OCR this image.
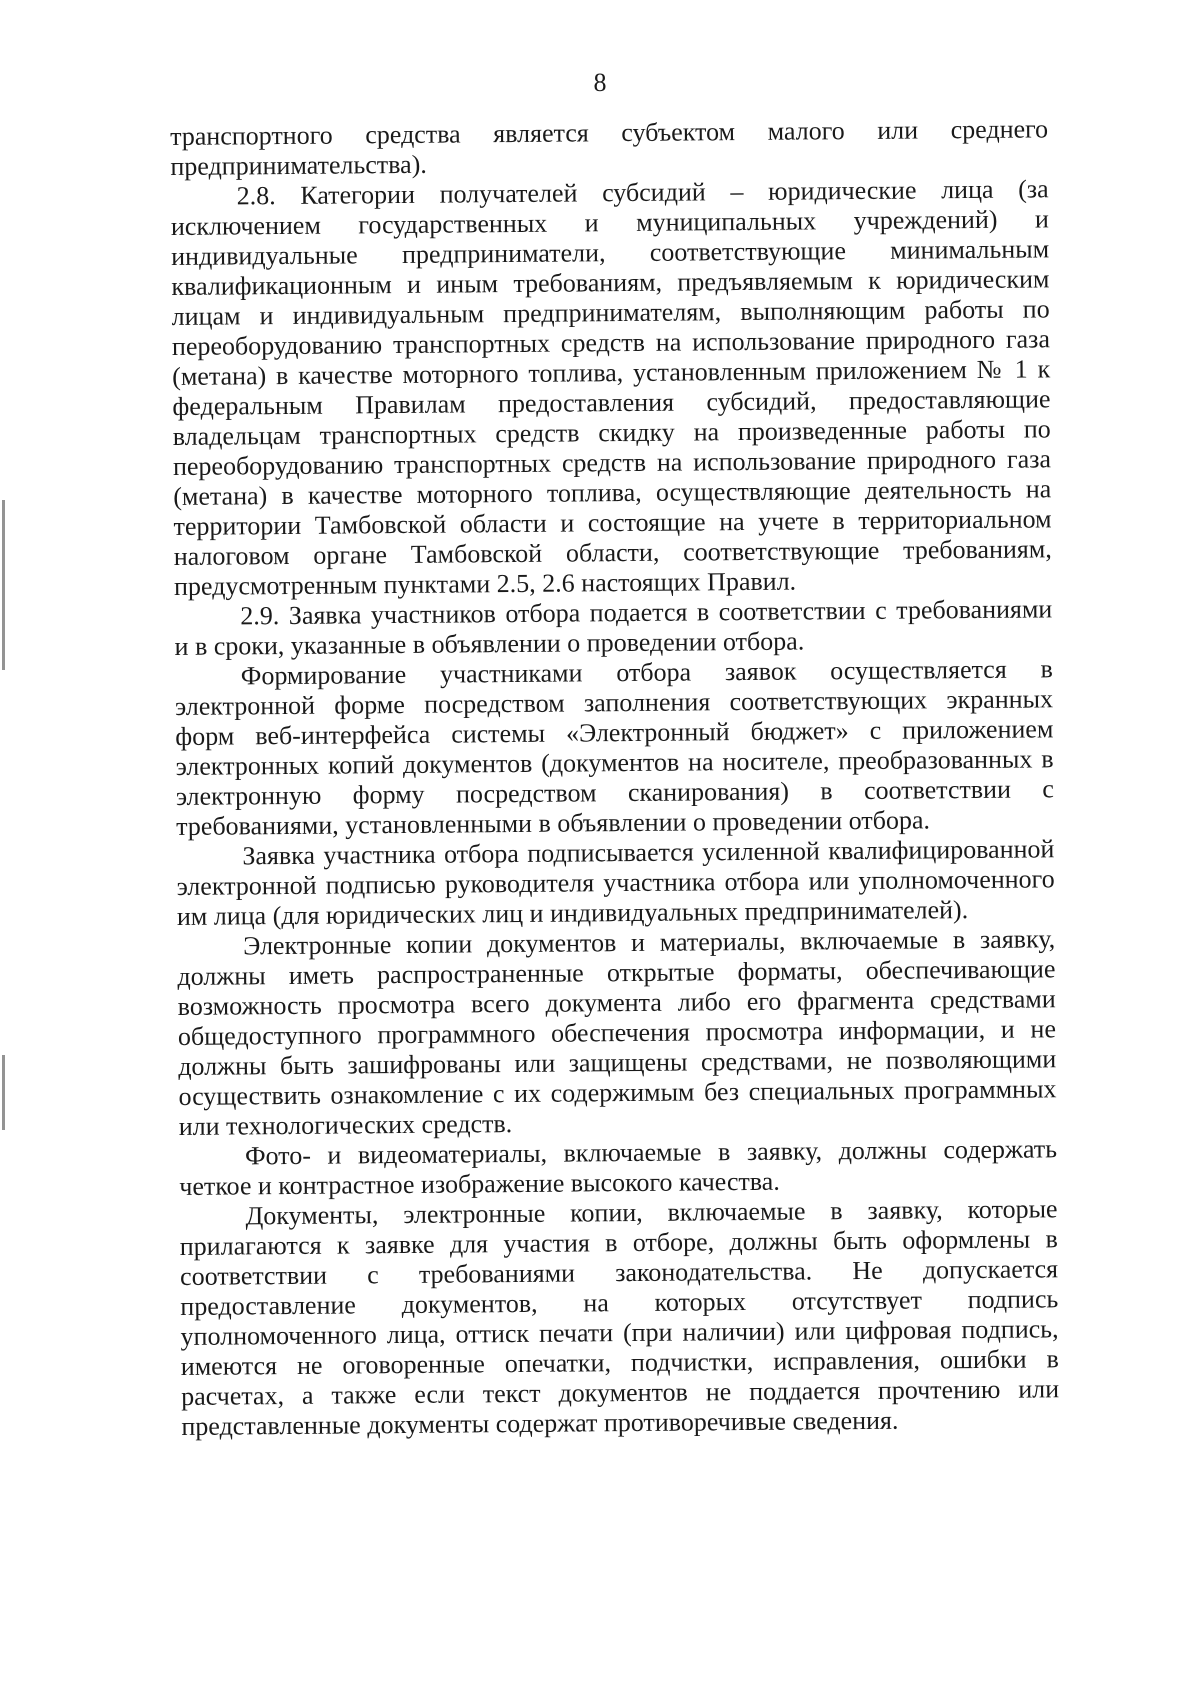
8
транспортного средства является субъектом малого или среднего
предпринимательства).
2.8. Категории получателей субсидий – юридические лица (за
исключением государственных и муниципальных учреждений) и
индивидуальные предприниматели, соответствующие минимальным
квалификационным и иным требованиям, предъявляемым к юридическим
лицам и индивидуальным предпринимателям, выполняющим работы по
переоборудованию транспортных средств на использование природного газа
(метана) в качестве моторного топлива, установленным приложением № 1 к
федеральным Правилам предоставления субсидий, предоставляющие
владельцам транспортных средств скидку на произведенные работы по
переоборудованию транспортных средств на использование природного газа
(метана) в качестве моторного топлива, осуществляющие деятельность на
территории Тамбовской области и состоящие на учете в территориальном
налоговом органе Тамбовской области, соответствующие требованиям,
предусмотренным пунктами 2.5, 2.6 настоящих Правил.
2.9. Заявка участников отбора подается в соответствии с требованиями
и в сроки, указанные в объявлении о проведении отбора.
Формирование участниками отбора заявок осуществляется в
электронной форме посредством заполнения соответствующих экранных
форм веб-интерфейса системы «Электронный бюджет» с приложением
электронных копий документов (документов на носителе, преобразованных в
электронную форму посредством сканирования) в соответствии с
требованиями, установленными в объявлении о проведении отбора.
Заявка участника отбора подписывается усиленной квалифицированной
электронной подписью руководителя участника отбора или уполномоченного
им лица (для юридических лиц и индивидуальных предпринимателей).
Электронные копии документов и материалы, включаемые в заявку,
должны иметь распространенные открытые форматы, обеспечивающие
возможность просмотра всего документа либо его фрагмента средствами
общедоступного программного обеспечения просмотра информации, и не
должны быть зашифрованы или защищены средствами, не позволяющими
осуществить ознакомление с их содержимым без специальных программных
или технологических средств.
Фото- и видеоматериалы, включаемые в заявку, должны содержать
четкое и контрастное изображение высокого качества.
Документы, электронные копии, включаемые в заявку, которые
прилагаются к заявке для участия в отборе, должны быть оформлены в
соответствии с требованиями законодательства. Не допускается
предоставление документов, на которых отсутствует подпись
уполномоченного лица, оттиск печати (при наличии) или цифровая подпись,
имеются не оговоренные опечатки, подчистки, исправления, ошибки в
расчетах, а также если текст документов не поддается прочтению или
представленные документы содержат противоречивые сведения.
